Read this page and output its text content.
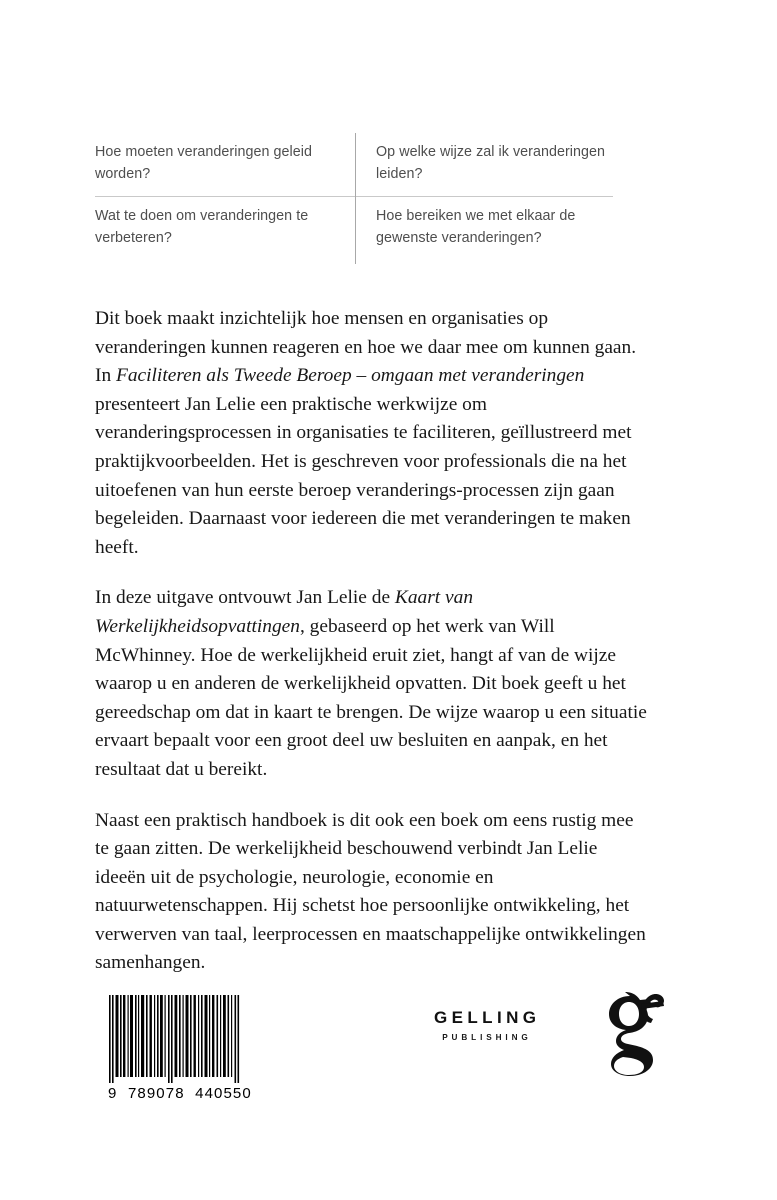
Hoe moeten veranderingen geleid worden?
Op welke wijze zal ik veranderingen leiden?
Wat te doen om veranderingen te verbeteren?
Hoe bereiken we met elkaar de gewenste veranderingen?

Dit boek maakt inzichtelijk hoe mensen en organisaties op veranderingen kunnen reageren en hoe we daar mee om kunnen gaan. In Faciliteren als Tweede Beroep – omgaan met veranderingen presenteert Jan Lelie een praktische werkwijze om veranderingsprocessen in organisaties te faciliteren, geïllustreerd met praktijkvoorbeelden. Het is geschreven voor professionals die na het uitoefenen van hun eerste beroep veranderings-processen zijn gaan begeleiden. Daarnaast voor iedereen die met veranderingen te maken heeft.

In deze uitgave ontvouwt Jan Lelie de Kaart van Werkelijkheidsopvattingen, gebaseerd op het werk van Will McWhinney. Hoe de werkelijkheid eruit ziet, hangt af van de wijze waarop u en anderen de werkelijkheid opvatten. Dit boek geeft u het gereedschap om dat in kaart te brengen. De wijze waarop u een situatie ervaart bepaalt voor een groot deel uw besluiten en aanpak, en het resultaat dat u bereikt.

Naast een praktisch handboek is dit ook een boek om eens rustig mee te gaan zitten. De werkelijkheid beschouwend verbindt Jan Lelie ideeën uit de psychologie, neurologie, economie en natuurwetenschappen. Hij schetst hoe persoonlijke ontwikkeling, het verwerven van taal, leerprocessen en maatschappelijke ontwikkelingen samenhangen.

9  789078  440550
GELLING
PUBLISHING
